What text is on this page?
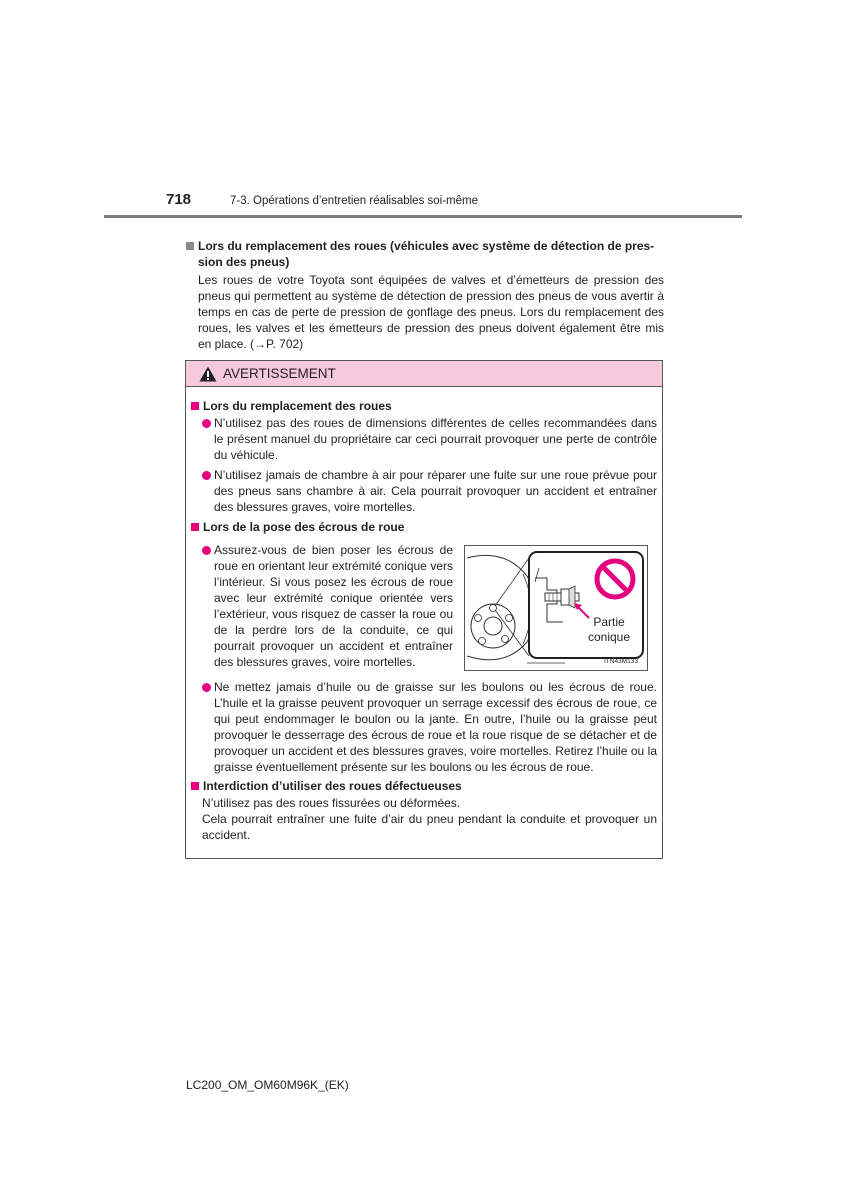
718	7-3. Opérations d’entretien réalisables soi-même

Lors du remplacement des roues (véhicules avec système de détection de pres-
sion des pneus)

Les roues de votre Toyota sont équipées de valves et d’émetteurs de pression des pneus qui permettent au système de détection de pression des pneus de vous avertir à temps en cas de perte de pression de gonflage des pneus. Lors du remplacement des roues, les valves et les émetteurs de pression des pneus doivent également être mis en place. (→P. 702)

AVERTISSEMENT
Lors du remplacement des roues
N’utilisez pas des roues de dimensions différentes de celles recommandées dans le présent manuel du propriétaire car ceci pourrait provoquer une perte de contrôle du véhicule.
N’utilisez jamais de chambre à air pour réparer une fuite sur une roue prévue pour des pneus sans chambre à air. Cela pourrait provoquer un accident et entraîner des blessures graves, voire mortelles.
Lors de la pose des écrous de roue
Assurez-vous de bien poser les écrous de roue en orientant leur extrémité conique vers l’intérieur. Si vous posez les écrous de roue avec leur extrémité conique orientée vers l’extérieur, vous risquez de casser la roue ou de la perdre lors de la conduite, ce qui pourrait provoquer un accident et entraîner des blessures graves, voire mortelles.
Ne mettez jamais d’huile ou de graisse sur les boulons ou les écrous de roue. L’huile et la graisse peuvent provoquer un serrage excessif des écrous de roue, ce qui peut endommager le boulon ou la jante. En outre, l’huile ou la graisse peut provoquer le desserrage des écrous de roue et la roue risque de se détacher et de provoquer un accident et des blessures graves, voire mortelles. Retirez l’huile ou la graisse éventuellement présente sur les boulons ou les écrous de roue.
Interdiction d’utiliser des roues défectueuses
N’utilisez pas des roues fissurées ou déformées.
Cela pourrait entraîner une fuite d’air du pneu pendant la conduite et provoquer un accident.
Partie
conique
ITN43M133
LC200_OM_OM60M96K_(EK)
